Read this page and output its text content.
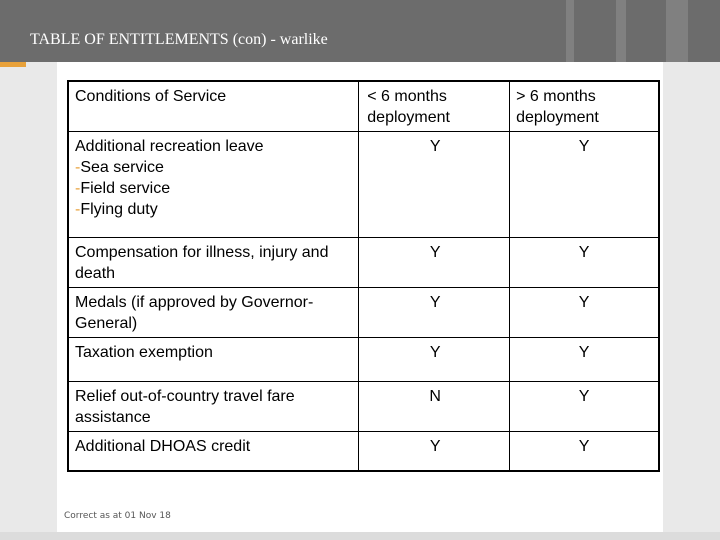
TABLE OF ENTITLEMENTS (con) - warlike
Conditions of Service	< 6 months deployment	> 6 months deployment

Additional recreation leave
-Sea service
-Field service
-Flying duty	Y	Y
Compensation for illness, injury and death	Y	Y
Medals (if approved by Governor-General)	Y	Y
Taxation exemption	Y	Y
Relief out-of-country travel fare assistance	N	Y
Additional DHOAS credit	Y	Y
Correct as at 01 Nov 18
